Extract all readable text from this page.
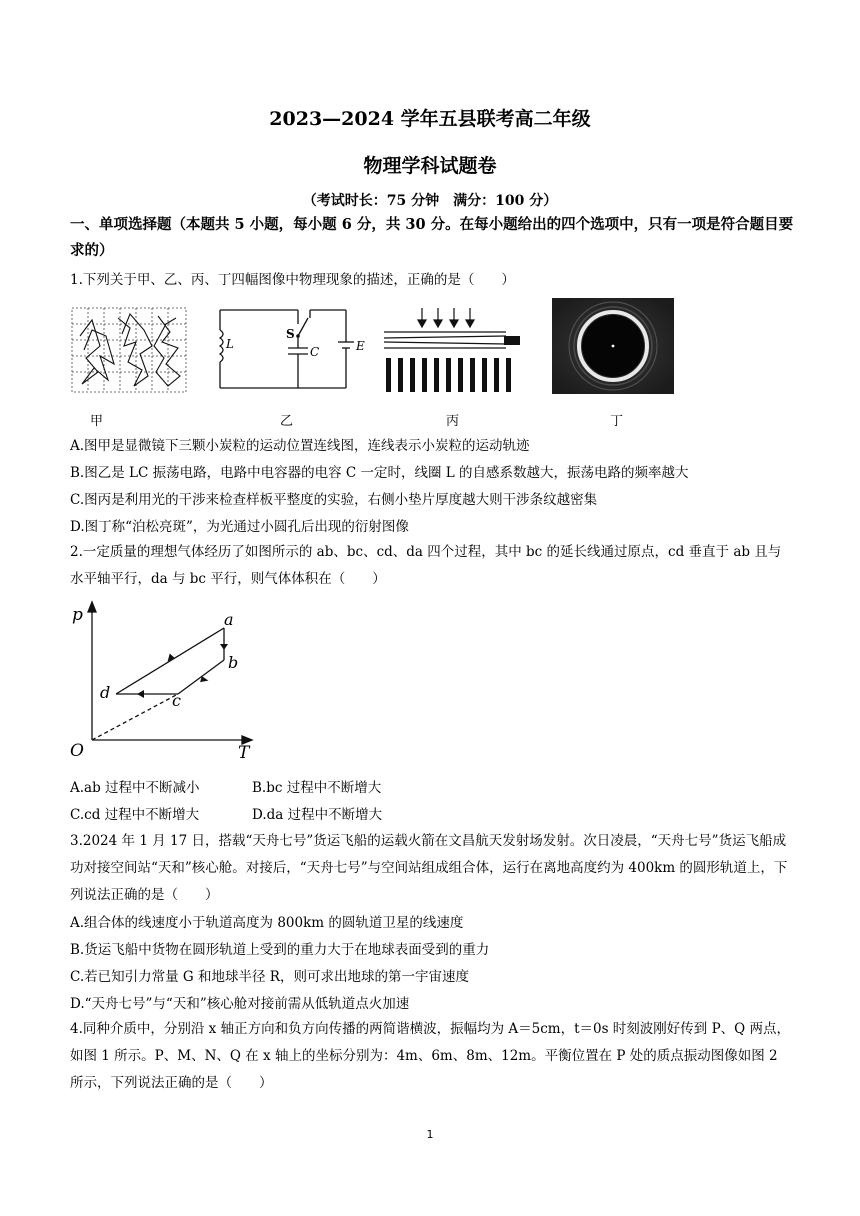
2023—2024 学年五县联考高二年级
物理学科试题卷
（考试时长：75 分钟　满分：100 分）
一、单项选择题（本题共 5 小题，每小题 6 分，共 30 分。在每小题给出的四个选项中，只有一项是符合题目要求的）
1.下列关于甲、乙、丙、丁四幅图像中物理现象的描述，正确的是（　　）
甲
L
S
C	E
乙	丙	丁
A.图甲是显微镜下三颗小炭粒的运动位置连线图，连线表示小炭粒的运动轨迹
B.图乙是 LC 振荡电路，电路中电容器的电容 C 一定时，线圈 L 的自感系数越大，振荡电路的频率越大
C.图丙是利用光的干涉来检查样板平整度的实验，右侧小垫片厚度越大则干涉条纹越密集
D.图丁称“泊松亮斑”，为光通过小圆孔后出现的衍射图像
2.一定质量的理想气体经历了如图所示的 ab、bc、cd、da 四个过程，其中 bc 的延长线通过原点，cd 垂直于 ab 且与水平轴平行，da 与 bc 平行，则气体体积在（　　）
p
T
O
a
b
c
d
A.ab 过程中不断减小	B.bc 过程中不断增大
C.cd 过程中不断增大	D.da 过程中不断增大
3.2024 年 1 月 17 日，搭载“天舟七号”货运飞船的运载火箭在文昌航天发射场发射。次日凌晨，“天舟七号”货运飞船成功对接空间站“天和”核心舱。对接后，“天舟七号”与空间站组成组合体，运行在离地高度约为 400km 的圆形轨道上，下列说法正确的是（　　）
A.组合体的线速度小于轨道高度为 800km 的圆轨道卫星的线速度
B.货运飞船中货物在圆形轨道上受到的重力大于在地球表面受到的重力
C.若已知引力常量 G 和地球半径 R，则可求出地球的第一宇宙速度
D.“天舟七号”与“天和”核心舱对接前需从低轨道点火加速
4.同种介质中，分别沿 x 轴正方向和负方向传播的两简谐横波，振幅均为 A＝5cm，t＝0s 时刻波刚好传到 P、Q 两点，如图 1 所示。P、M、N、Q 在 x 轴上的坐标分别为：4m、6m、8m、12m。平衡位置在 P 处的质点振动图像如图 2 所示，下列说法正确的是（　　）
1
